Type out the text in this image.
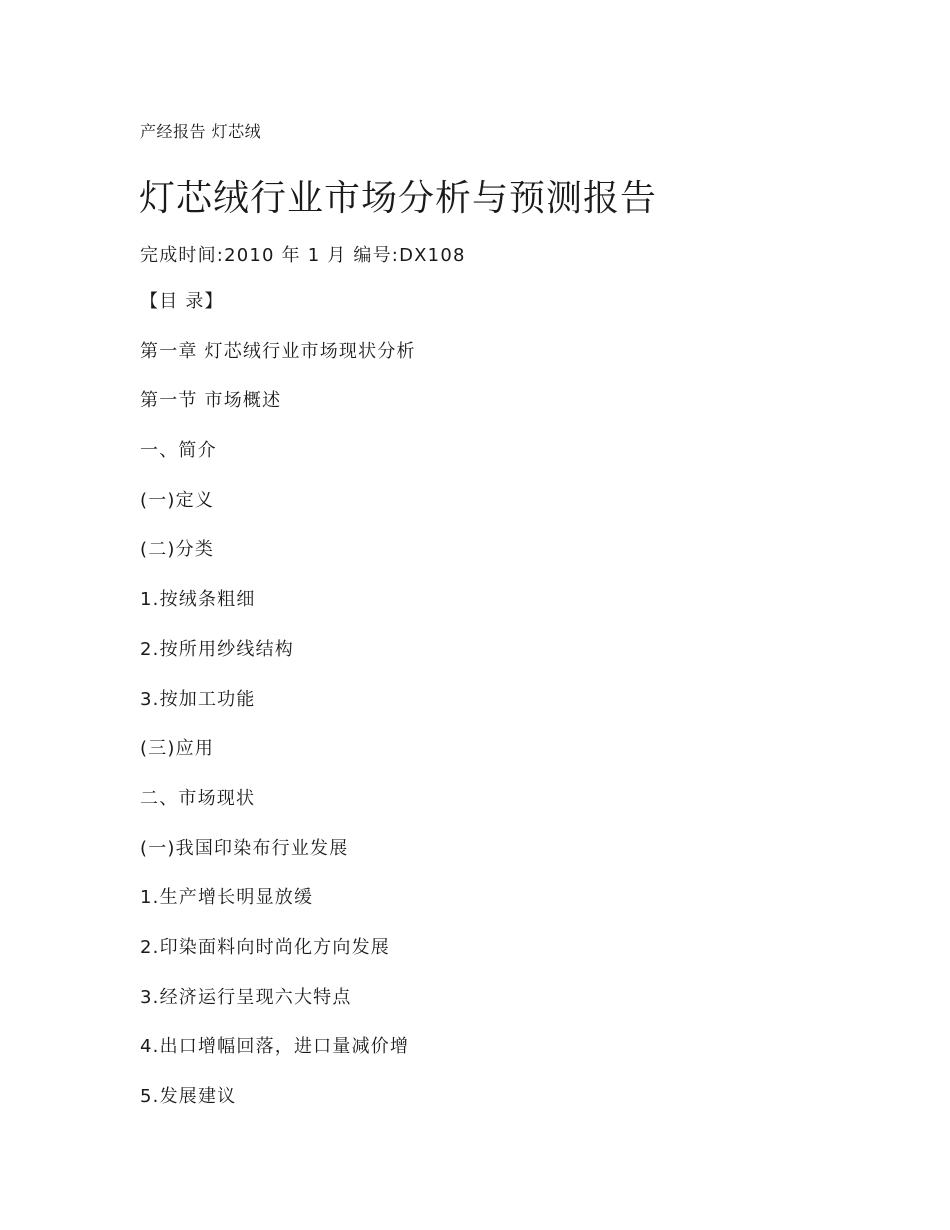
产经报告 灯芯绒
灯芯绒行业市场分析与预测报告
完成时间:2010 年 1 月 编号:DX108
【目 录】
第一章 灯芯绒行业市场现状分析
第一节 市场概述
一、简介
(一)定义
(二)分类
1.按绒条粗细
2.按所用纱线结构
3.按加工功能
(三)应用
二、市场现状
(一)我国印染布行业发展
1.生产增长明显放缓
2.印染面料向时尚化方向发展
3.经济运行呈现六大特点
4.出口增幅回落，进口量减价增
5.发展建议
